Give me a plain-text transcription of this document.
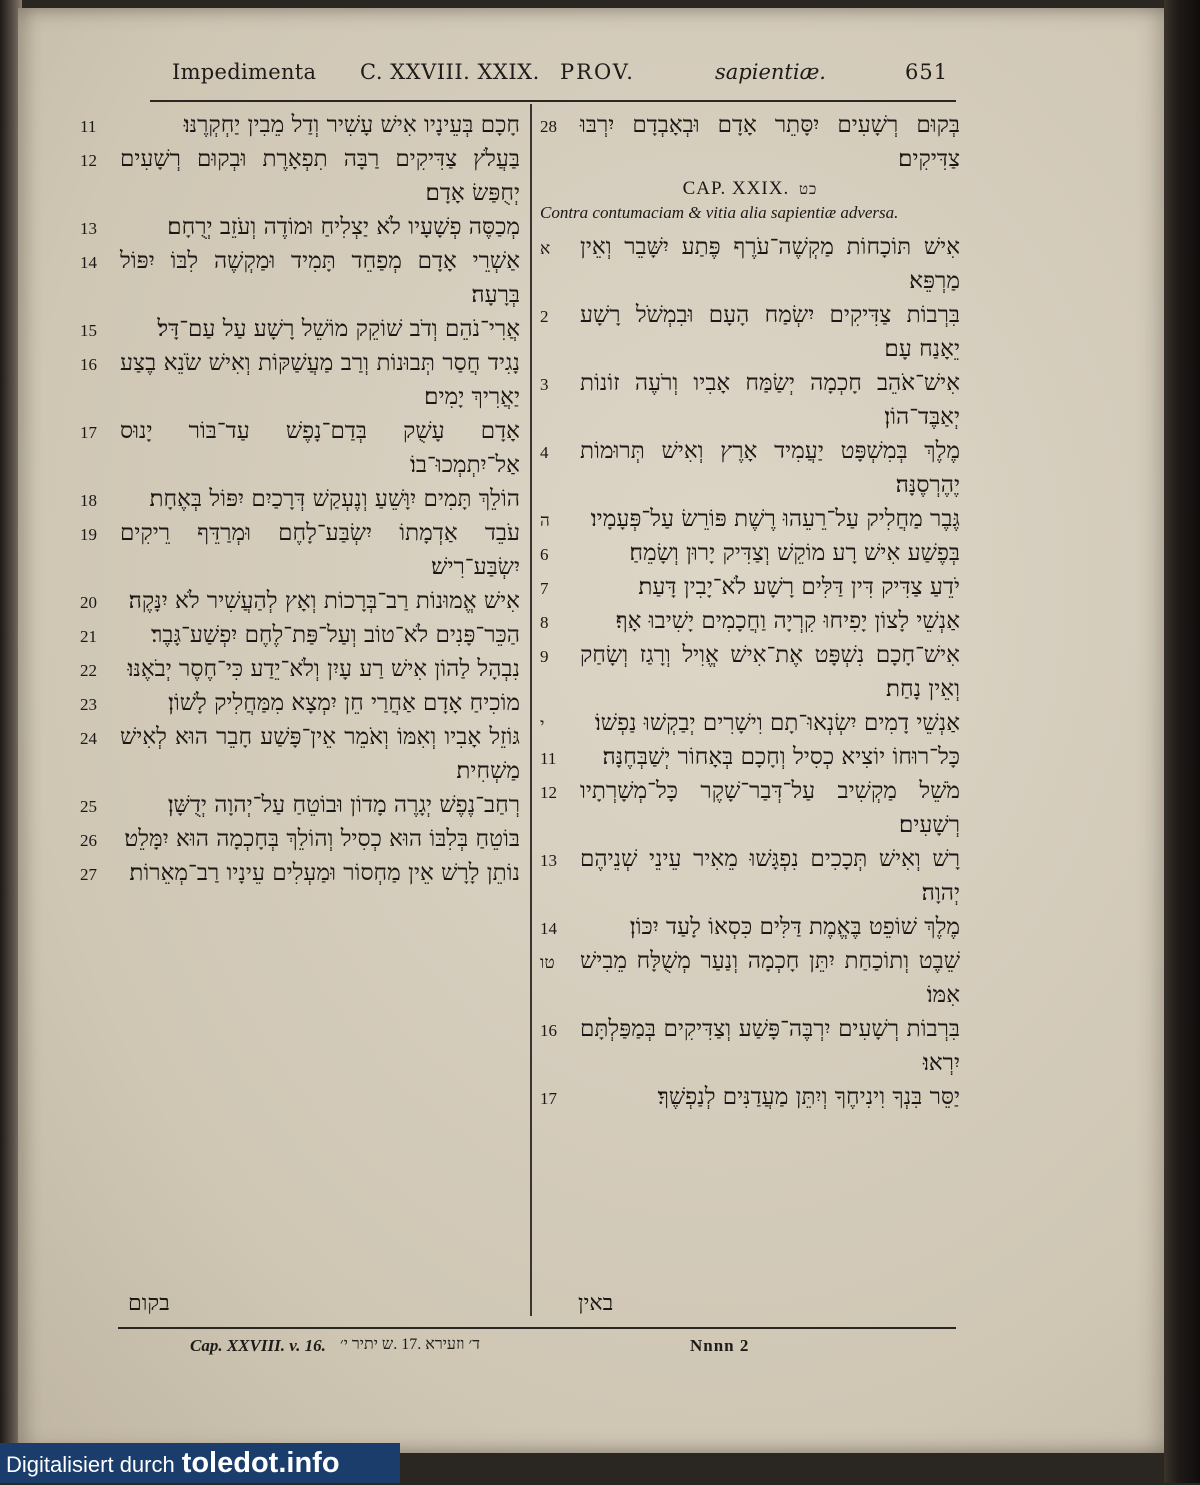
Impedimenta C. XXVIII. XXIX. PROV.	sapientiæ.	651
חָכָם בְּעֵינָיו אִישׁ עָשִׁיר וְדַל מֵבִין יַחְקְרֶנּוּ׃
11
בַּעֲלֹץ צַדִּיקִים רַבָּה תִפְאָרֶת וּבְקוּם רְשָׁעִים יְחֻפַּשׂ אָדָם׃
12
מְכַסֶּה פְשָׁעָיו לֹא יַצְלִיחַ וּמוֹדֶה וְעֹזֵב יְרֻחָם׃
13
אַשְׁרֵי אָדָם מְפַחֵד תָּמִיד וּמַקְשֶׁה לִבּוֹ יִפּוֹל בְּרָעָה׃
14
אֲרִי־נֹהֵם וְדֹב שׁוֹקֵק מוֹשֵׁל רָשָׁע עַל עַם־דָּל׃
15
נָגִיד חֲסַר תְּבוּנוֹת וְרַב מַעֲשַׁקּוֹת וְאִישׁ שֹׂנֵא בֶצַע יַאֲרִיךְ יָמִים׃
16
אָדָם עָשֻׁק בְּדַם־נָפֶשׁ עַד־בּוֹר יָנוּס אַל־יִתְמְכוּ־בוֹ׃
17
הוֹלֵךְ תָּמִים יִוָּשֵׁעַ וְנֶעְקַשׁ דְּרָכַיִם יִפּוֹל בְּאֶחָת׃
18
עֹבֵד אַדְמָתוֹ יִשְׂבַּע־לָחֶם וּמְרַדֵּף רֵיקִים יִשְׂבַּע־רִישׁ׃
19
אִישׁ אֱמוּנוֹת רַב־בְּרָכוֹת וְאָץ לְהַעֲשִׁיר לֹא יִנָּקֶה׃
20
הַכֵּר־פָּנִים לֹא־טוֹב וְעַל־פַּת־לֶחֶם יִפְשַׁע־גָּבֶר׃
21
נִבְהָל לַהוֹן אִישׁ רַע עָיִן וְלֹא־יֵדַע כִּי־חֶסֶר יְבֹאֶנּוּ׃
22
מוֹכִיחַ אָדָם אַחֲרַי חֵן יִמְצָא מִמַּחֲלִיק לָשׁוֹן׃
23
גּוֹזֵל אָבִיו וְאִמּוֹ וְאֹמֵר אֵין־פָּשַׁע חָבֵר הוּא לְאִישׁ מַשְׁחִית׃
24
רְחַב־נֶפֶשׁ יְגָרֶה מָדוֹן וּבוֹטֵחַ עַל־יְהוָה יְדֻשָּׁן׃
25
בּוֹטֵחַ בְּלִבּוֹ הוּא כְסִיל וְהוֹלֵךְ בְּחָכְמָה הוּא יִמָּלֵט׃
26
נוֹתֵן לָרָשׁ אֵין מַחְסוֹר וּמַעְלִים עֵינָיו רַב־מְאֵרוֹת׃
27
בְּקוּם רְשָׁעִים יִסָּתֵר אָדָם וּבְאָבְדָם יִרְבּוּ צַדִּיקִים׃
28
CAP. XXIX. כט
Contra contumaciam & vitia alia sapientiæ adversa.
אִישׁ תּוֹכָחוֹת מַקְשֶׁה־עֹרֶף פֶּתַע יִשָּׁבֵר וְאֵין מַרְפֵּא׃
א
בִּרְבוֹת צַדִּיקִים יִשְׂמַח הָעָם וּבִמְשֹׁל רָשָׁע יֵאָנַח עָם׃
2
אִישׁ־אֹהֵב חָכְמָה יְשַׂמַּח אָבִיו וְרֹעֶה זוֹנוֹת יְאַבֶּד־הוֹן׃
3
מֶלֶךְ בְּמִשְׁפָּט יַעֲמִיד אָרֶץ וְאִישׁ תְּרוּמוֹת יֶהֶרְסֶנָּה׃
4
גֶּבֶר מַחֲלִיק עַל־רֵעֵהוּ רֶשֶׁת פּוֹרֵשׂ עַל־פְּעָמָיו׃
ה
בְּפֶשַׁע אִישׁ רָע מוֹקֵשׁ וְצַדִּיק יָרוּן וְשָׂמֵחַ׃
6
יֹדֵעַ צַדִּיק דִּין דַּלִּים רָשָׁע לֹא־יָבִין דָּעַת׃
7
אַנְשֵׁי לָצוֹן יָפִיחוּ קִרְיָה וַחֲכָמִים יָשִׁיבוּ אָף׃
8
אִישׁ־חָכָם נִשְׁפָּט אֶת־אִישׁ אֱוִיל וְרָגַז וְשָׂחַק וְאֵין נָחַת׃
9
אַנְשֵׁי דָמִים יִשְׂנְאוּ־תָם וִישָׁרִים יְבַקְשׁוּ נַפְשׁוֹ׃
י
כָּל־רוּחוֹ יוֹצִיא כְסִיל וְחָכָם בְּאָחוֹר יְשַׁבְּחֶנָּה׃
11
מֹשֵׁל מַקְשִׁיב עַל־דְּבַר־שָׁקֶר כָּל־מְשָׁרְתָיו רְשָׁעִים׃
12
רָשׁ וְאִישׁ תְּכָכִים נִפְגָּשׁוּ מֵאִיר עֵינֵי שְׁנֵיהֶם יְהוָה׃
13
מֶלֶךְ שׁוֹפֵט בֶּאֱמֶת דַּלִּים כִּסְאוֹ לָעַד יִכּוֹן׃
14
שֵׁבֶט וְתוֹכַחַת יִתֵּן חָכְמָה וְנַעַר מְשֻׁלָּח מֵבִישׁ אִמּוֹ׃
טו
בִּרְבוֹת רְשָׁעִים יִרְבֶּה־פָּשַׁע וְצַדִּיקִים בְּמַפַּלְתָּם יִרְאוּ׃
16
יַסֵּר בִּנְךָ וִינִיחֶךָ וְיִתֵּן מַעֲדַנִּים לְנַפְשֶׁךָ׃
17
בקום	באין
Cap. XXVIII. v. 16. ד׳ וזעירא .17 .ש יתיר י׳	Nnnn 2
Digitalisiert durch toledot.info
